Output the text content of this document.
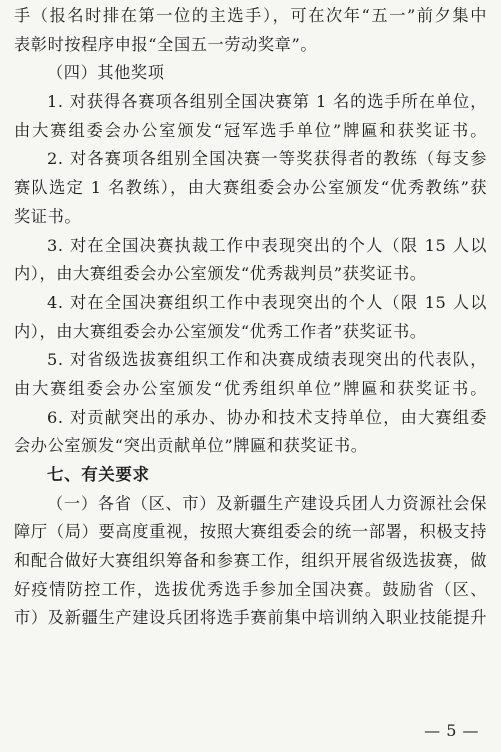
手（报名时排在第一位的主选手），可在次年“五一”前夕集中
表彰时按程序申报“全国五一劳动奖章”。
（四）其他奖项
1. 对获得各赛项各组别全国决赛第 1 名的选手所在单位，
由大赛组委会办公室颁发“冠军选手单位”牌匾和获奖证书。
2. 对各赛项各组别全国决赛一等奖获得者的教练（每支参
赛队选定 1 名教练），由大赛组委会办公室颁发“优秀教练”获
奖证书。
3. 对在全国决赛执裁工作中表现突出的个人（限 15 人以
内），由大赛组委会办公室颁发“优秀裁判员”获奖证书。
4. 对在全国决赛组织工作中表现突出的个人（限 15 人以
内），由大赛组委会办公室颁发“优秀工作者”获奖证书。
5. 对省级选拔赛组织工作和决赛成绩表现突出的代表队，
由大赛组委会办公室颁发“优秀组织单位”牌匾和获奖证书。
6. 对贡献突出的承办、协办和技术支持单位，由大赛组委
会办公室颁发“突出贡献单位”牌匾和获奖证书。
七、有关要求
（一）各省（区、市）及新疆生产建设兵团人力资源社会保
障厅（局）要高度重视，按照大赛组委会的统一部署，积极支持
和配合做好大赛组织筹备和参赛工作，组织开展省级选拔赛，做
好疫情防控工作，选拔优秀选手参加全国决赛。鼓励省（区、
市）及新疆生产建设兵团将选手赛前集中培训纳入职业技能提升
— 5 —
